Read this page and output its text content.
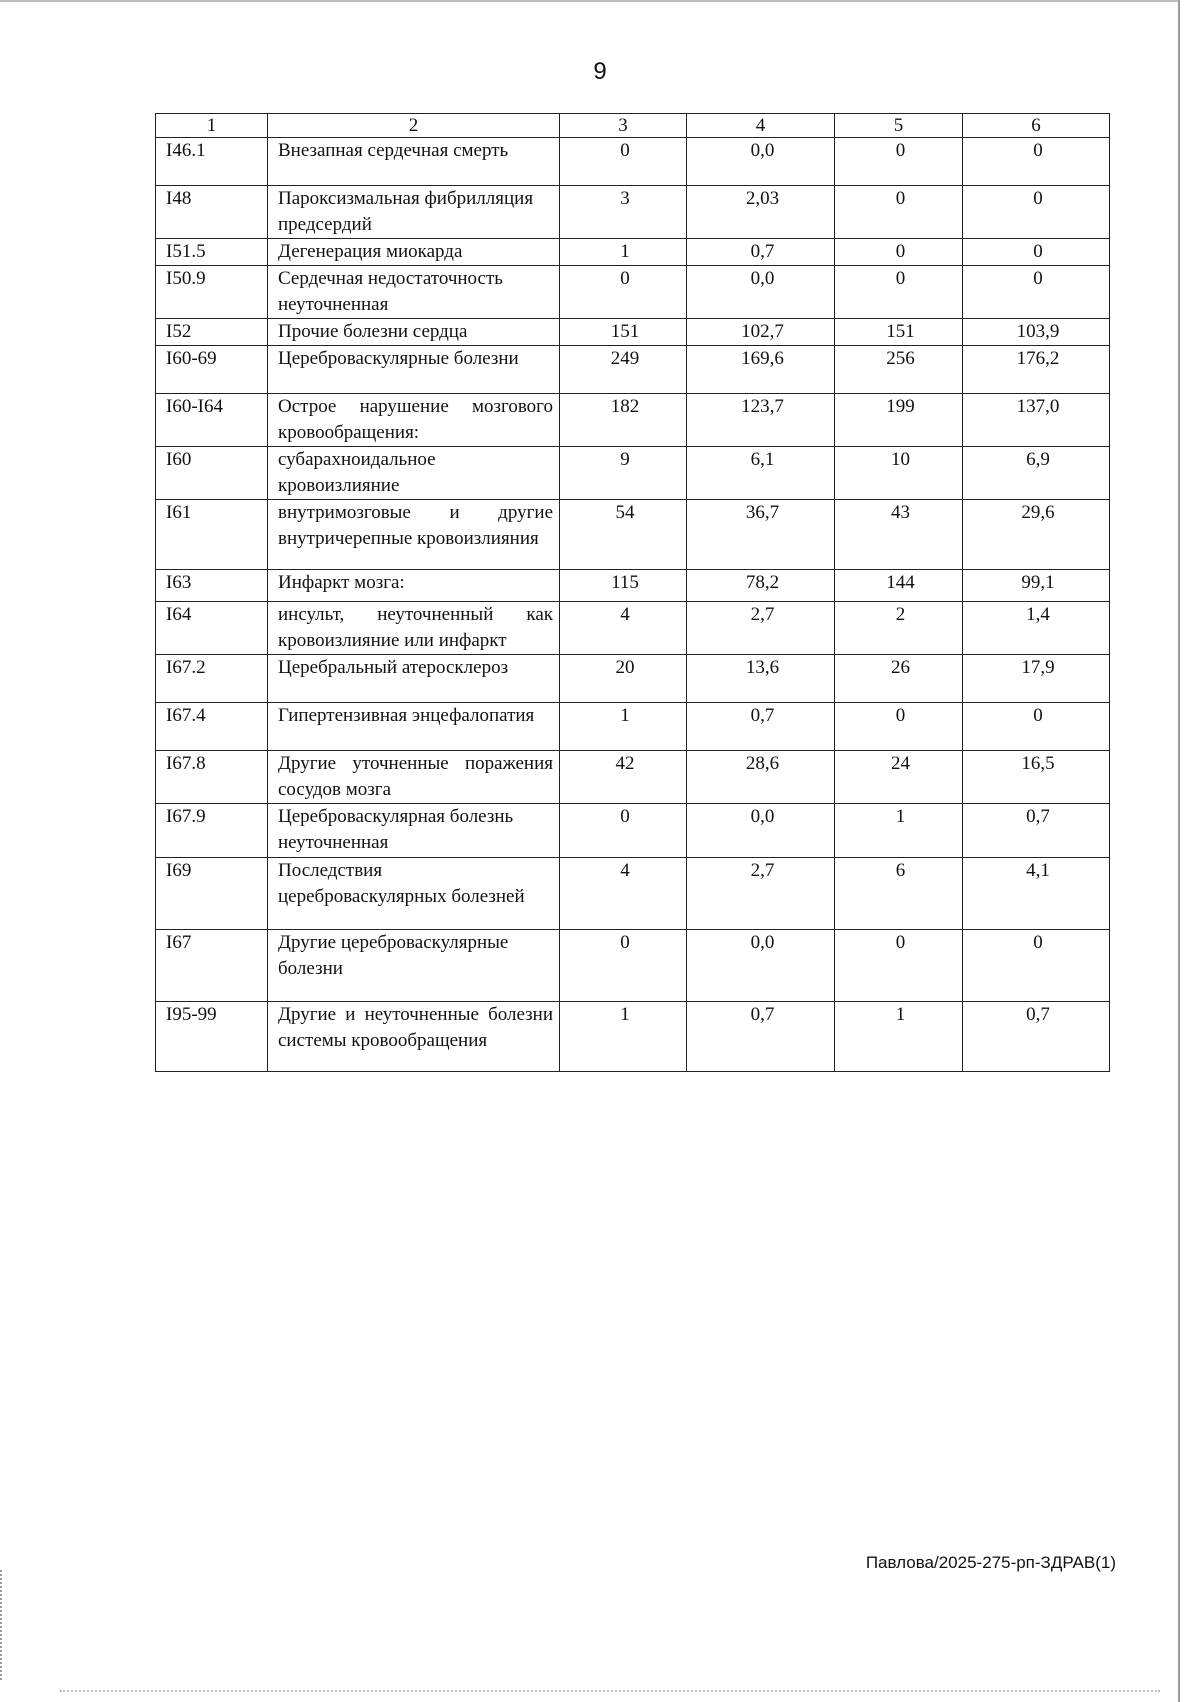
9
1	2	3	4	5	6
I46.1	Внезапная сердечная смерть	0	0,0	0	0
I48	Пароксизмальная фибрилляция предсердий	3	2,03	0	0
I51.5	Дегенерация миокарда	1	0,7	0	0
I50.9	Сердечная недостаточность неуточненная	0	0,0	0	0
I52	Прочие болезни сердца	151	102,7	151	103,9
I60-69	Цереброваскулярные болезни	249	169,6	256	176,2
I60-I64	Острое нарушение мозгового кровообращения:	182	123,7	199	137,0
I60	субарахноидальное кровоизлияние	9	6,1	10	6,9
I61	внутримозговые и другие внутричерепные кровоизлияния	54	36,7	43	29,6
I63	Инфаркт мозга:	115	78,2	144	99,1
I64	инсульт, неуточненный как кровоизлияние или инфаркт	4	2,7	2	1,4
I67.2	Церебральный атеросклероз	20	13,6	26	17,9
I67.4	Гипертензивная энцефалопатия	1	0,7	0	0
I67.8	Другие уточненные поражения сосудов мозга	42	28,6	24	16,5
I67.9	Цереброваскулярная болезнь неуточненная	0	0,0	1	0,7
I69	Последствия цереброваскулярных болезней	4	2,7	6	4,1
I67	Другие цереброваскулярные болезни	0	0,0	0	0
I95-99	Другие и неуточненные болезни системы кровообращения	1	0,7	1	0,7
Павлова/2025-275-рп-ЗДРАВ(1)
